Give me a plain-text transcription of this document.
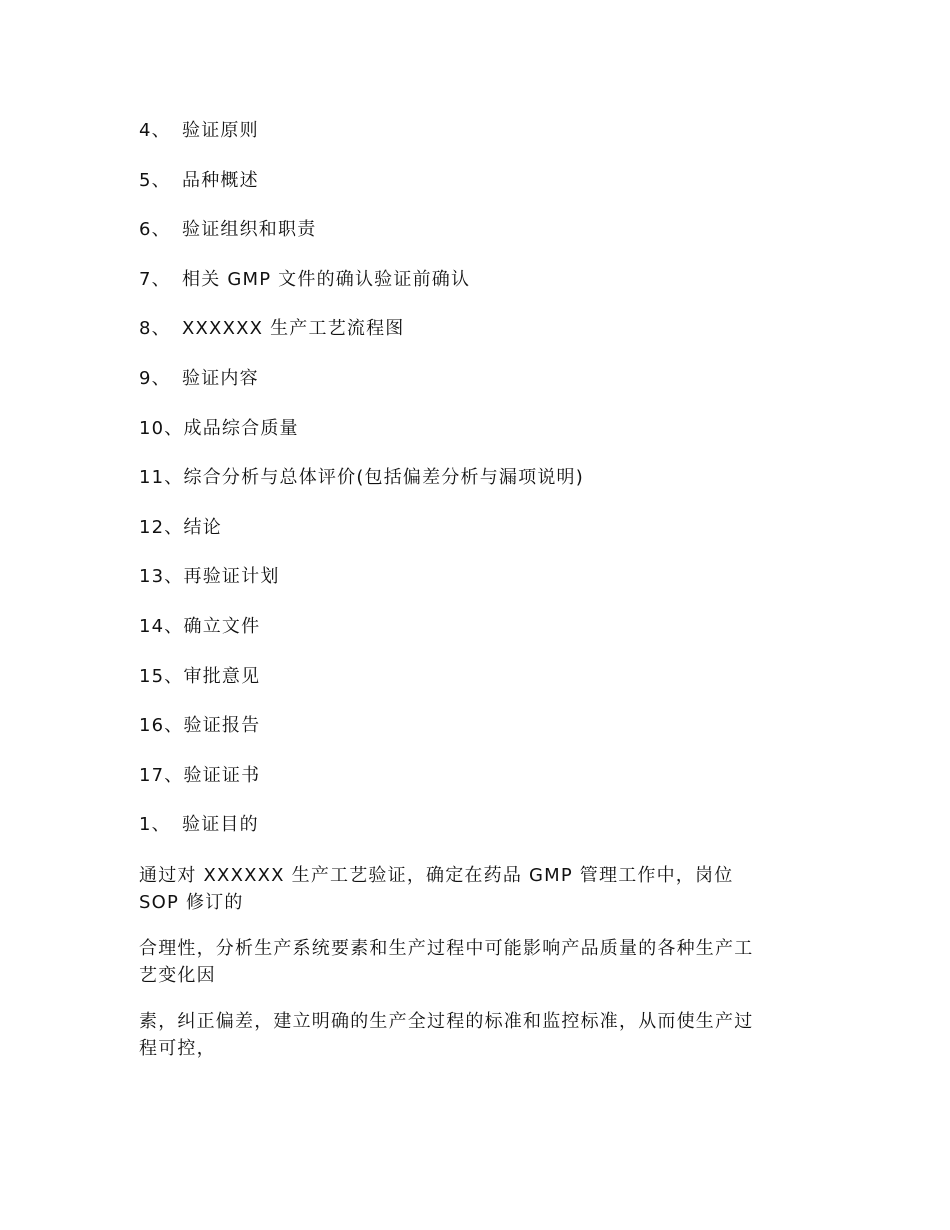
4、 验证原则
5、 品种概述
6、 验证组织和职责
7、 相关 GMP 文件的确认验证前确认
8、 XXXXXX 生产工艺流程图
9、 验证内容
10、成品综合质量
11、综合分析与总体评价(包括偏差分析与漏项说明)
12、结论
13、再验证计划
14、确立文件
15、审批意见
16、验证报告
17、验证证书
1、 验证目的

通过对 XXXXXX 生产工艺验证，确定在药品 GMP 管理工作中，岗位
SOP 修订的

合理性，分析生产系统要素和生产过程中可能影响产品质量的各种生产工
艺变化因

素，纠正偏差，建立明确的生产全过程的标准和监控标准，从而使生产过
程可控，
